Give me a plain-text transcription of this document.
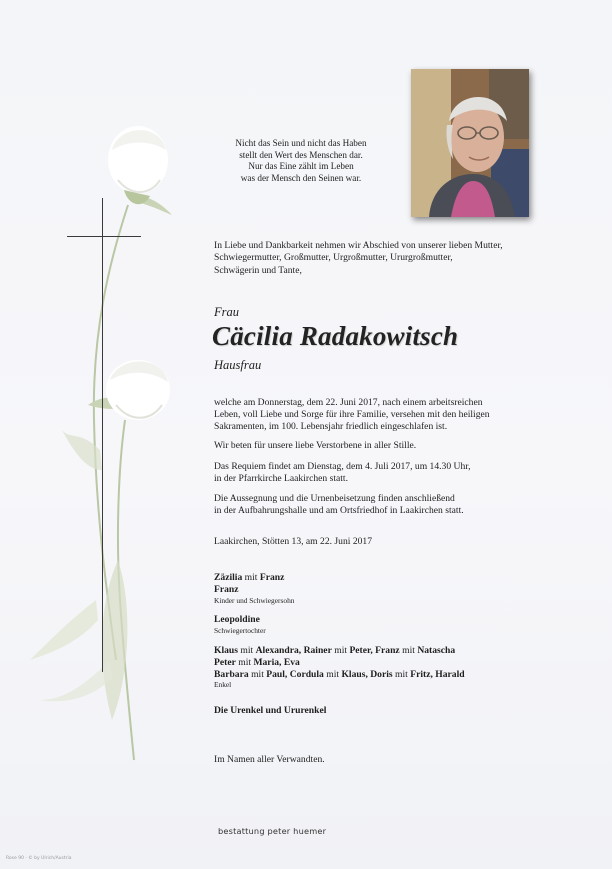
Nicht das Sein und nicht das Haben
stellt den Wert des Menschen dar.
Nur das Eine zählt im Leben
was der Mensch den Seinen war.
In Liebe und Dankbarkeit nehmen wir Abschied von unserer lieben Mutter,
Schwiegermutter, Großmutter, Urgroßmutter, Ururgroßmutter,
Schwägerin und Tante,
Frau
Cäcilia Radakowitsch
Hausfrau
welche am Donnerstag, dem 22. Juni 2017, nach einem arbeitsreichen
Leben, voll Liebe und Sorge für ihre Familie, versehen mit den heiligen
Sakramenten, im 100. Lebensjahr friedlich eingeschlafen ist.
Wir beten für unsere liebe Verstorbene in aller Stille.
Das Requiem findet am Dienstag, dem 4. Juli 2017, um 14.30 Uhr,
in der Pfarrkirche Laakirchen statt.
Die Aussegnung und die Urnenbeisetzung finden anschließend
in der Aufbahrungshalle und am Ortsfriedhof in Laakirchen statt.
Laakirchen, Stötten 13, am 22. Juni 2017
Zäzilia mit Franz
Franz
Kinder und Schwiegersohn
Leopoldine
Schwiegertochter
Klaus mit Alexandra, Rainer mit Peter, Franz mit Natascha
Peter mit Maria, Eva
Barbara mit Paul, Cordula mit Klaus, Doris mit Fritz, Harald
Enkel
Die Urenkel und Ururenkel
Im Namen aller Verwandten.
bestattung peter huemer
Rose 90 · © by Ulrich/Austria
